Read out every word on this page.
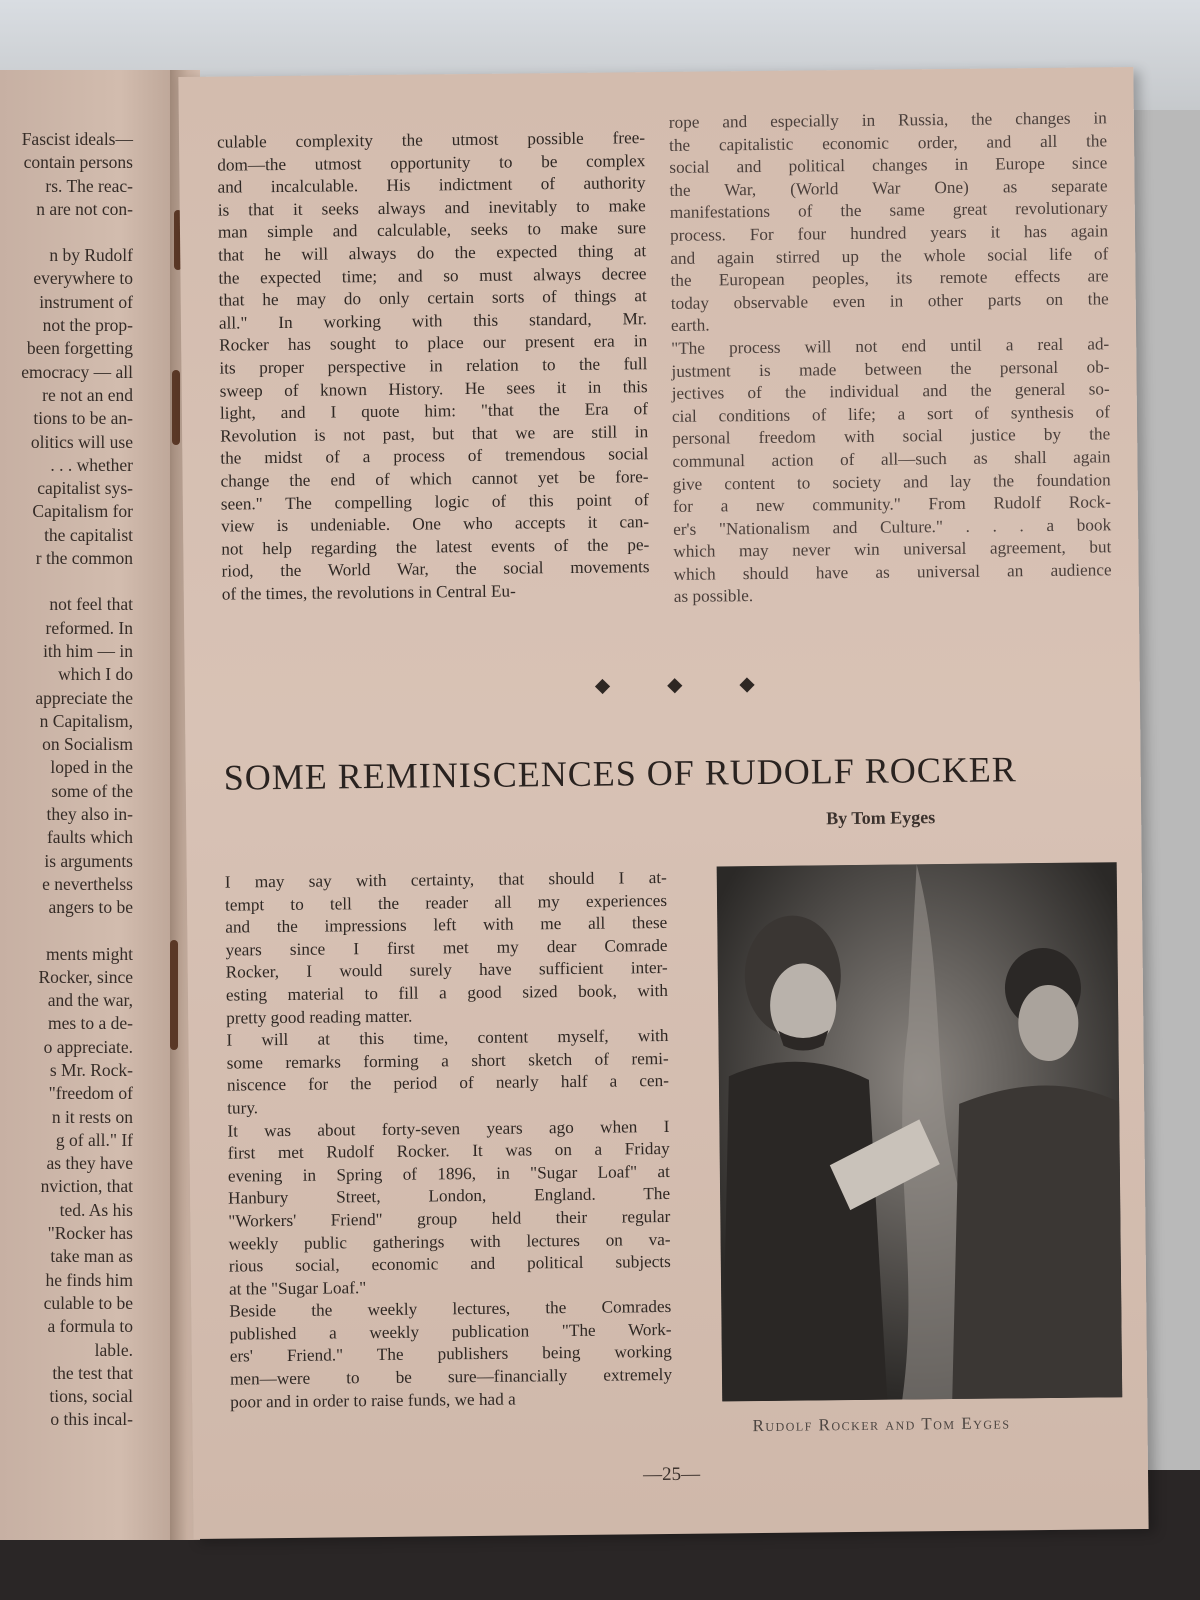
Fascist ideals—
contain persons
rs. The reac-
n are not con-
n by Rudolf
everywhere to
instrument of
not the prop-
been forgetting
emocracy — all
re not an end
tions to be an-
olitics will use
. . . whether
capitalist sys-
Capitalism for
the capitalist
r the common
not feel that
reformed. In
ith him — in
which I do
appreciate the
n Capitalism,
on Socialism
loped in the
some of the
they also in-
faults which
is arguments
e neverthelss
angers to be
ments might
Rocker, since
and the war,
mes to a de-
o appreciate.
s Mr. Rock-
"freedom of
n it rests on
g of all." If
as they have
nviction, that
ted. As his
"Rocker has
take man as
he finds him
culable to be
a formula to
lable.
the test that
tions, social
o this incal-
culable complexity the utmost possible free-
dom—the utmost opportunity to be complex
and incalculable. His indictment of authority
is that it seeks always and inevitably to make
man simple and calculable, seeks to make sure
that he will always do the expected thing at
the expected time; and so must always decree
that he may do only certain sorts of things at
all." In working with this standard, Mr.
Rocker has sought to place our present era in
its proper perspective in relation to the full
sweep of known History. He sees it in this
light, and I quote him: "that the Era of
Revolution is not past, but that we are still in
the midst of a process of tremendous social
change the end of which cannot yet be fore-
seen." The compelling logic of this point of
view is undeniable. One who accepts it can-
not help regarding the latest events of the pe-
riod, the World War, the social movements
of the times, the revolutions in Central Eu-
rope and especially in Russia, the changes in
the capitalistic economic order, and all the
social and political changes in Europe since
the War, (World War One) as separate
manifestations of the same great revolutionary
process. For four hundred years it has again
and again stirred up the whole social life of
the European peoples, its remote effects are
today observable even in other parts on the
earth.
"The process will not end until a real ad-
justment is made between the personal ob-
jectives of the individual and the general so-
cial conditions of life; a sort of synthesis of
personal freedom with social justice by the
communal action of all—such as shall again
give content to society and lay the foundation
for a new community." From Rudolf Rock-
er's "Nationalism and Culture." . . . a book
which may never win universal agreement, but
which should have as universal an audience
as possible.
◆	◆	◆
SOME REMINISCENCES OF RUDOLF ROCKER
By Tom Eyges
I may say with certainty, that should I at-
tempt to tell the reader all my experiences
and the impressions left with me all these
years since I first met my dear Comrade
Rocker, I would surely have sufficient inter-
esting material to fill a good sized book, with
pretty good reading matter.
I will at this time, content myself, with
some remarks forming a short sketch of remi-
niscence for the period of nearly half a cen-
tury.
It was about forty-seven years ago when I
first met Rudolf Rocker. It was on a Friday
evening in Spring of 1896, in "Sugar Loaf" at
Hanbury Street, London, England. The
"Workers' Friend" group held their regular
weekly public gatherings with lectures on va-
rious social, economic and political subjects
at the "Sugar Loaf."
Beside the weekly lectures, the Comrades
published a weekly publication "The Work-
ers' Friend." The publishers being working
men—were to be sure—financially extremely
poor and in order to raise funds, we had a
Rudolf Rocker and Tom Eyges
—25—
